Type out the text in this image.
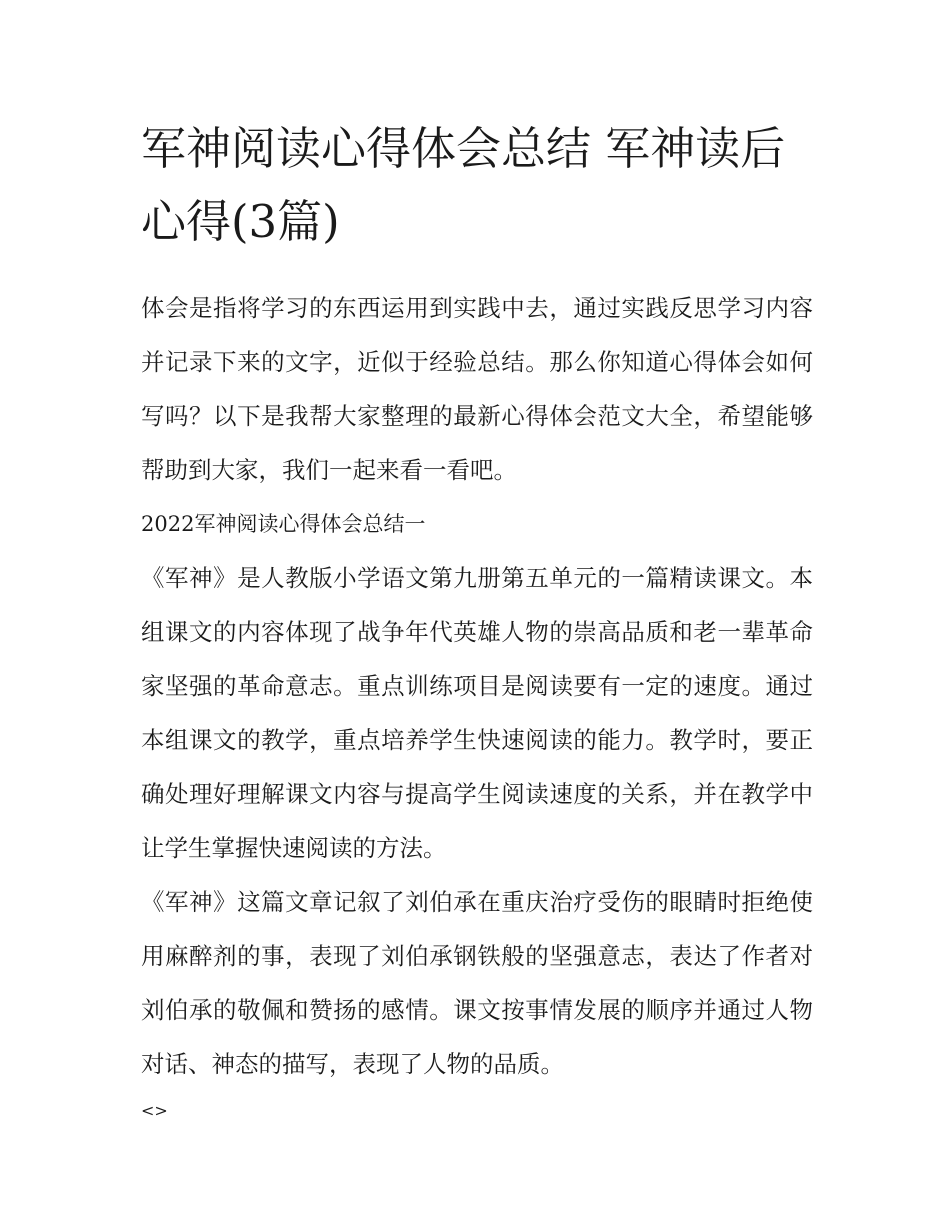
军神阅读心得体会总结 军神读后心得(3篇)

体会是指将学习的东西运用到实践中去，通过实践反思学习内容并记录下来的文字，近似于经验总结。那么你知道心得体会如何写吗？以下是我帮大家整理的最新心得体会范文大全，希望能够帮助到大家，我们一起来看一看吧。

2022军神阅读心得体会总结一

《军神》是人教版小学语文第九册第五单元的一篇精读课文。本组课文的内容体现了战争年代英雄人物的崇高品质和老一辈革命家坚强的革命意志。重点训练项目是阅读要有一定的速度。通过本组课文的教学，重点培养学生快速阅读的能力。教学时，要正确处理好理解课文内容与提高学生阅读速度的关系，并在教学中让学生掌握快速阅读的方法。

《军神》这篇文章记叙了刘伯承在重庆治疗受伤的眼睛时拒绝使用麻醉剂的事，表现了刘伯承钢铁般的坚强意志，表达了作者对刘伯承的敬佩和赞扬的感情。课文按事情发展的顺序并通过人物对话、神态的描写，表现了人物的品质。

<>
